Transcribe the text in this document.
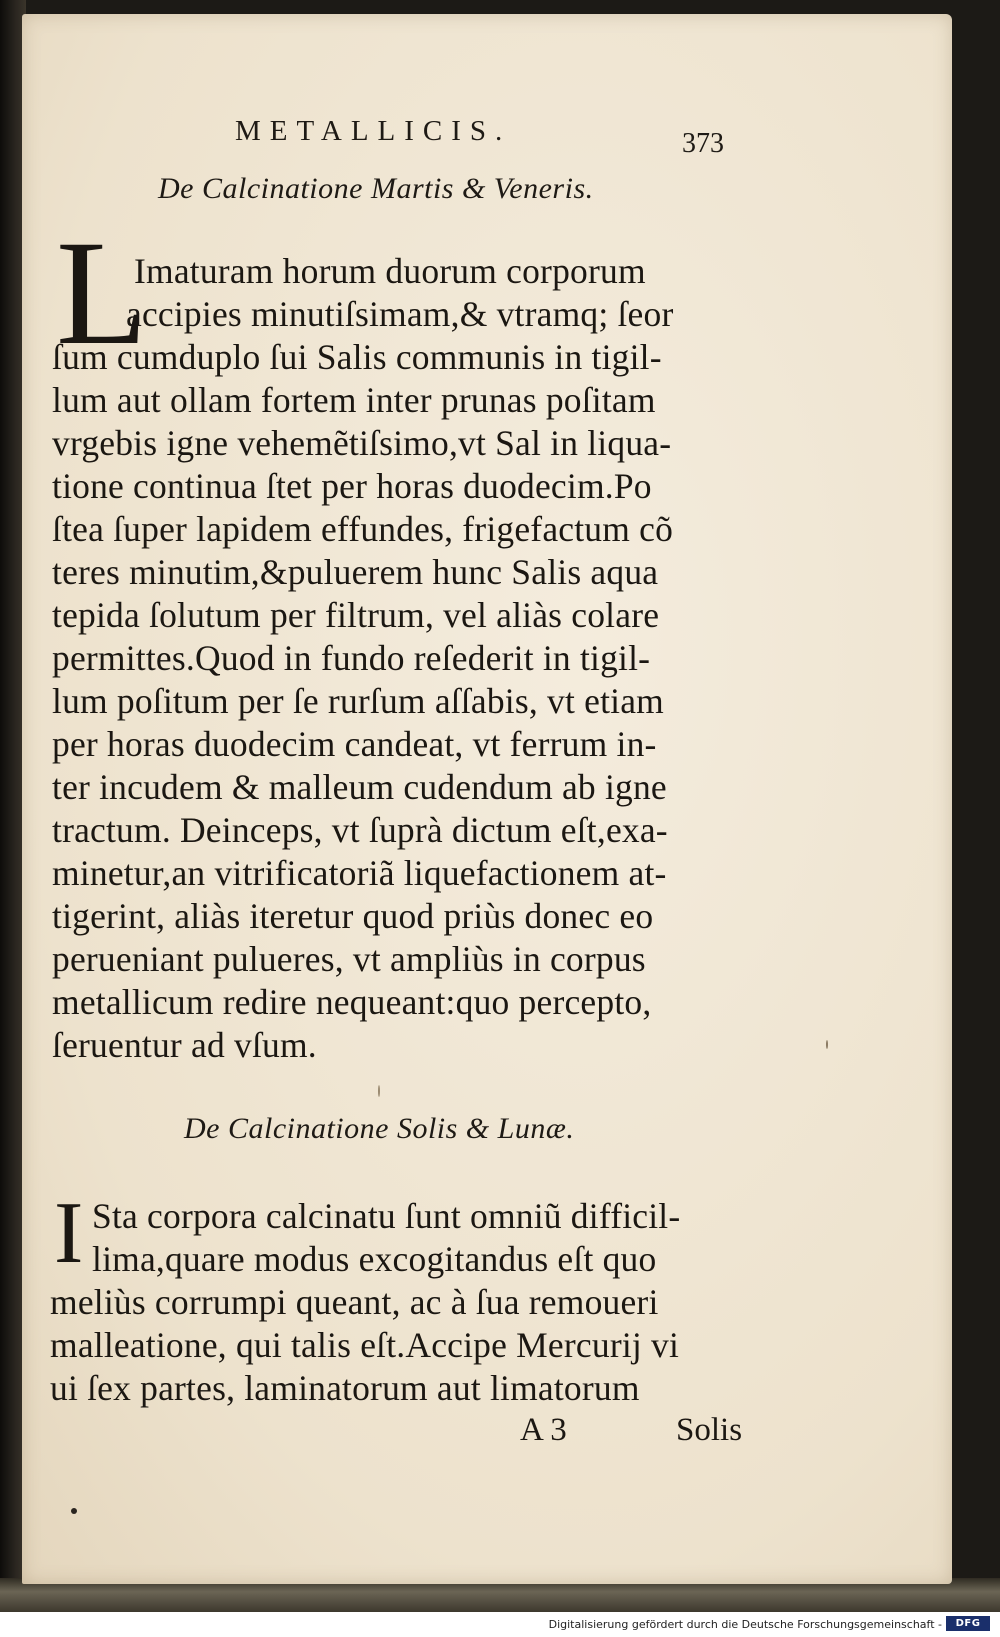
METALLICIS.	373
De Calcinatione Martis & Veneris.
L
Imaturam horum duorum corporum
accipies minutiſsimam,& vtramq; ſeor
ſum cumduplo ſui Salis communis in tigil-
lum aut ollam fortem inter prunas poſitam
vrgebis igne vehemẽtiſsimo,vt Sal in liqua-
tione continua ſtet per horas duodecim.Po
ſtea ſuper lapidem effundes, frigefactum cõ
teres minutim,&puluerem hunc Salis aqua
tepida ſolutum per filtrum, vel aliàs colare
permittes.Quod in fundo reſederit in tigil-
lum poſitum per ſe rurſum aſſabis, vt etiam
per horas duodecim candeat, vt ferrum in-
ter incudem & malleum cudendum ab igne
tractum. Deinceps, vt ſuprà dictum eſt,exa-
minetur,an vitrificatoriã liquefactionem at-
tigerint, aliàs iteretur quod priùs donec eo
perueniant pulueres, vt ampliùs in corpus
metallicum redire nequeant:quo percepto,
ſeruentur ad vſum.
De Calcinatione Solis & Lunæ.
I Sta corpora calcinatu ſunt omniũ difficil-
lima,quare modus excogitandus eſt quo
meliùs corrumpi queant, ac à ſua remoueri
malleatione, qui talis eſt.Accipe Mercurij vi
ui ſex partes, laminatorum aut limatorum
A 3	Solis
Digitalisierung gefördert durch die Deutsche Forschungsgemeinschaft - DFG
